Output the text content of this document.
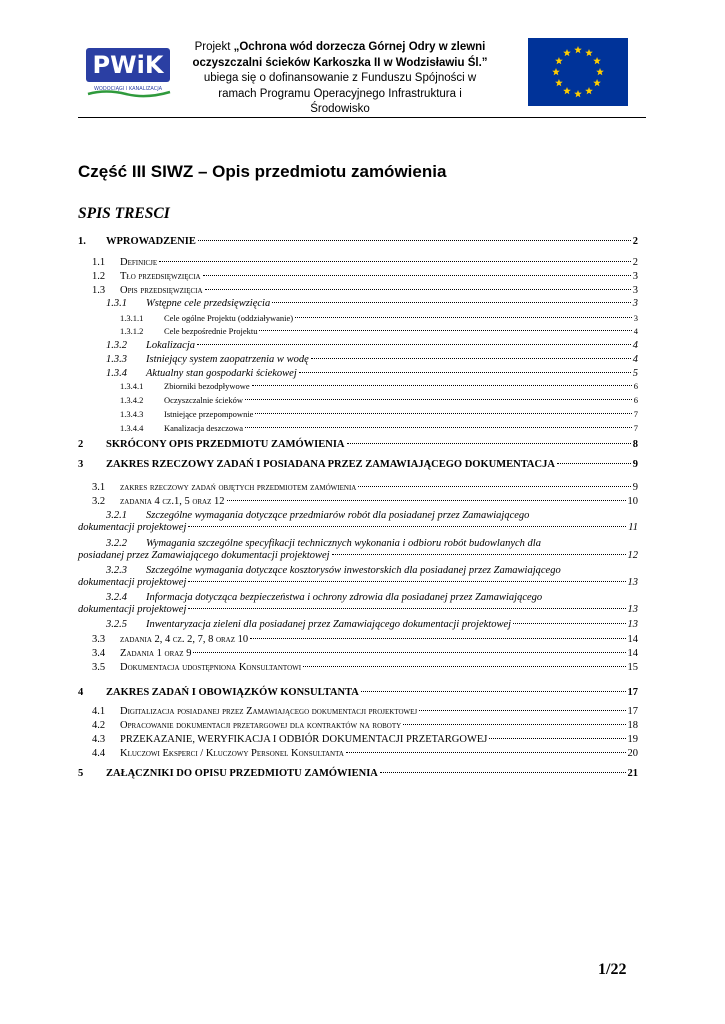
PWiK
WODOCIĄGI I KANALIZACJA
Projekt „Ochrona wód dorzecza Górnej Odry w zlewni oczyszczalni ścieków Karkoszka II w Wodzisławiu Śl.” ubiega się o dofinansowanie z Funduszu Spójności w ramach Programu Operacyjnego Infrastruktura i Środowisko
Część III SIWZ – Opis przedmiotu zamówienia
SPIS TRESCI
1.	WPROWADZENIE	2
1.1	Definicje	2
1.2	Tło przedsięwzięcia	3
1.3	Opis przedsięwzięcia	3
1.3.1	Wstępne cele przedsięwzięcia	3
1.3.1.1	Cele ogólne Projektu (oddziaływanie)	3
1.3.1.2	Cele bezpośrednie Projektu	4
1.3.2	Lokalizacja	4
1.3.3	Istniejący system zaopatrzenia w wodę	4
1.3.4	Aktualny stan gospodarki ściekowej	5
1.3.4.1	Zbiorniki bezodpływowe	6
1.3.4.2	Oczyszczalnie ścieków	6
1.3.4.3	Istniejące przepompownie	7
1.3.4.4	Kanalizacja deszczowa	7
2	SKRÓCONY OPIS PRZEDMIOTU ZAMÓWIENIA	8
3	ZAKRES RZECZOWY ZADAŃ I POSIADANA PRZEZ ZAMAWIAJĄCEGO DOKUMENTACJA	9
3.1	zakres rzeczowy zadań objętych przedmiotem zamówienia	9
3.2	zadania 4 cz.1, 5 oraz 12	10
3.2.1 Szczególne wymagania dotyczące przedmiarów robót dla posiadanej przez Zamawiającego
dokumentacji projektowej	11
3.2.2 Wymagania szczególne specyfikacji technicznych wykonania i odbioru robót budowlanych dla
posiadanej przez Zamawiającego dokumentacji projektowej	12
3.2.3 Szczególne wymagania dotyczące kosztorysów inwestorskich dla posiadanej przez Zamawiającego
dokumentacji projektowej	13
3.2.4 Informacja dotycząca bezpieczeństwa i ochrony zdrowia dla posiadanej przez Zamawiającego
dokumentacji projektowej	13
3.2.5	Inwentaryzacja zieleni dla posiadanej przez Zamawiającego dokumentacji projektowej	13
3.3	zadania 2, 4 cz. 2, 7, 8 oraz 10	14
3.4	Zadania 1 oraz 9	14
3.5	Dokumentacja udostępniona Konsultantowi	15
4	ZAKRES ZADAŃ I OBOWIĄZKÓW KONSULTANTA	17
4.1	Digitalizacja posiadanej przez Zamawiającego dokumentacji projektowej	17
4.2	Opracowanie dokumentacji przetargowej dla kontraktów na roboty	18
4.3	PRZEKAZANIE, WERYFIKACJA I ODBIÓR DOKUMENTACJI PRZETARGOWEJ	19
4.4	Kluczowi Eksperci / Kluczowy Personel Konsultanta	20
5	ZAŁĄCZNIKI DO OPISU PRZEDMIOTU ZAMÓWIENIA	21
1/22
